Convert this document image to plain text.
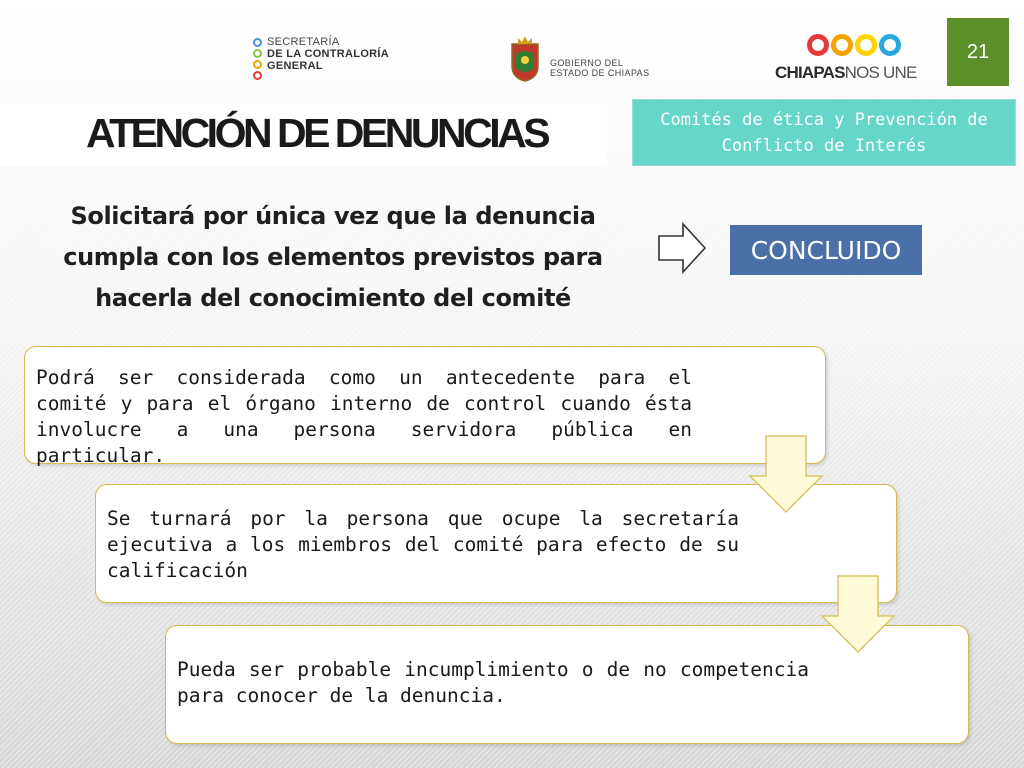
SECRETARÍA
DE LA CONTRALORÍA
GENERAL	GOBIERNO DEL
ESTADO DE CHIAPAS	CHIAPASNOS UNE
21
ATENCIÓN DE DENUNCIAS	Comités de ética y Prevención de Conflicto de Interés
Solicitará por única vez que la denuncia cumpla con los elementos previstos para hacerla del conocimiento del comité
CONCLUIDO
Podrá ser considerada como un antecedente para el comité y para el órgano interno de control cuando ésta involucre a una persona servidora pública en particular.
Se turnará por la persona que ocupe la secretaría ejecutiva a los miembros del comité para efecto de su calificación
Pueda ser probable incumplimiento o de no competencia para conocer de la denuncia.
